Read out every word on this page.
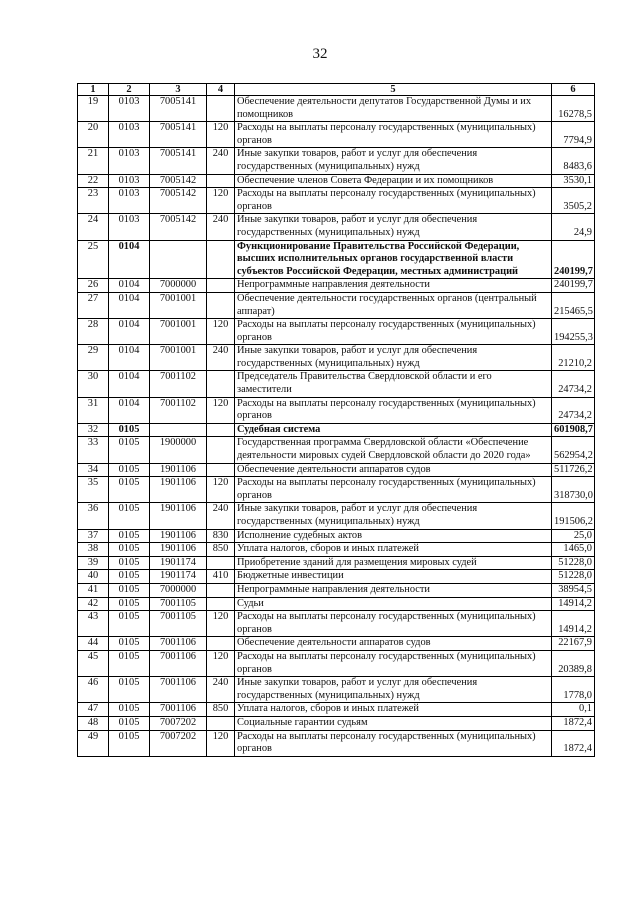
32
1	2	3	4	5	6
19	0103	7005141		Обеспечение деятельности депутатов Государственной Думы и их помощников	16278,5
20	0103	7005141	120	Расходы на выплаты персоналу государственных (муниципальных) органов	7794,9
21	0103	7005141	240	Иные закупки товаров, работ и услуг для обеспечения государственных (муниципальных) нужд	8483,6
22	0103	7005142		Обеспечение членов Совета Федерации и их помощников	3530,1
23	0103	7005142	120	Расходы на выплаты персоналу государственных (муниципальных) органов	3505,2
24	0103	7005142	240	Иные закупки товаров, работ и услуг для обеспечения государственных (муниципальных) нужд	24,9
25	0104			Функционирование Правительства Российской Федерации, высших исполнительных органов государственной власти субъектов Российской Федерации, местных администраций	240199,7
26	0104	7000000		Непрограммные направления деятельности	240199,7
27	0104	7001001		Обеспечение деятельности государственных органов (центральный аппарат)	215465,5
28	0104	7001001	120	Расходы на выплаты персоналу государственных (муниципальных) органов	194255,3
29	0104	7001001	240	Иные закупки товаров, работ и услуг для обеспечения государственных (муниципальных) нужд	21210,2
30	0104	7001102		Председатель Правительства Свердловской области и его заместители	24734,2
31	0104	7001102	120	Расходы на выплаты персоналу государственных (муниципальных) органов	24734,2
32	0105			Судебная система	601908,7
33	0105	1900000		Государственная программа Свердловской области «Обеспечение деятельности мировых судей Свердловской области до 2020 года»	562954,2
34	0105	1901106		Обеспечение деятельности аппаратов судов	511726,2
35	0105	1901106	120	Расходы на выплаты персоналу государственных (муниципальных) органов	318730,0
36	0105	1901106	240	Иные закупки товаров, работ и услуг для обеспечения государственных (муниципальных) нужд	191506,2
37	0105	1901106	830	Исполнение судебных актов	25,0
38	0105	1901106	850	Уплата налогов, сборов и иных платежей	1465,0
39	0105	1901174		Приобретение зданий для размещения мировых судей	51228,0
40	0105	1901174	410	Бюджетные инвестиции	51228,0
41	0105	7000000		Непрограммные направления деятельности	38954,5
42	0105	7001105		Судьи	14914,2
43	0105	7001105	120	Расходы на выплаты персоналу государственных (муниципальных) органов	14914,2
44	0105	7001106		Обеспечение деятельности аппаратов судов	22167,9
45	0105	7001106	120	Расходы на выплаты персоналу государственных (муниципальных) органов	20389,8
46	0105	7001106	240	Иные закупки товаров, работ и услуг для обеспечения государственных (муниципальных) нужд	1778,0
47	0105	7001106	850	Уплата налогов, сборов и иных платежей	0,1
48	0105	7007202		Социальные гарантии судьям	1872,4
49	0105	7007202	120	Расходы на выплаты персоналу государственных (муниципальных) органов	1872,4
